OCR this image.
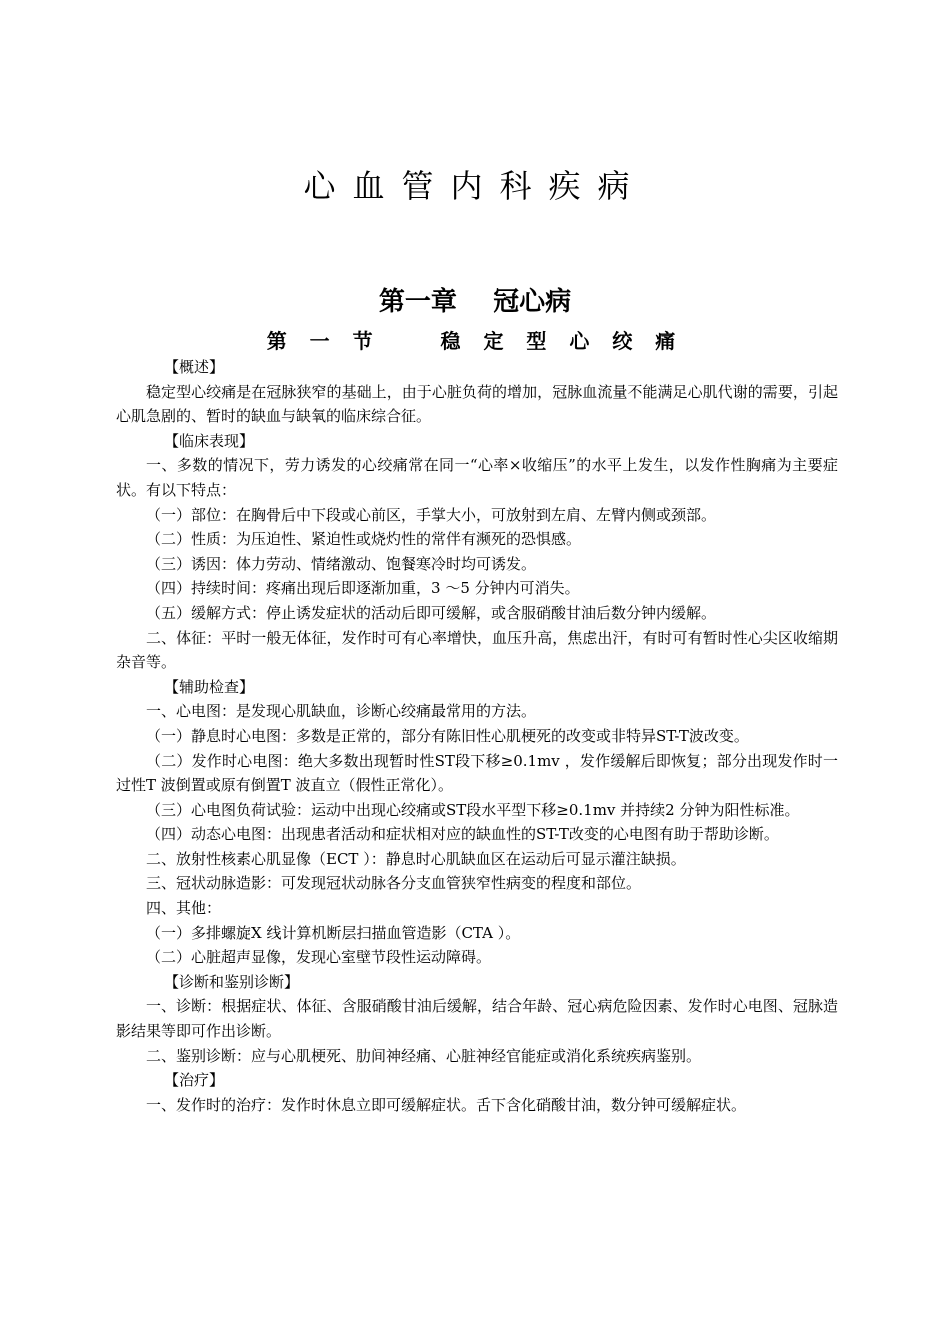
心血管内科疾病
第一章 冠心病
第 一 节	稳 定 型 心 绞 痛

【概述】

稳定型心绞痛是在冠脉狭窄的基础上，由于心脏负荷的增加，冠脉血流量不能满足心肌代谢的需要，引起心肌急剧的、暂时的缺血与缺氧的临床综合征。

【临床表现】

一、多数的情况下，劳力诱发的心绞痛常在同一“心率×收缩压”的水平上发生，以发作性胸痛为主要症状。有以下特点：

（一）部位：在胸骨后中下段或心前区，手掌大小，可放射到左肩、左臂内侧或颈部。

（二）性质：为压迫性、紧迫性或烧灼性的常伴有濒死的恐惧感。

（三）诱因：体力劳动、情绪激动、饱餐寒冷时均可诱发。

（四）持续时间：疼痛出现后即逐渐加重，3 ～5 分钟内可消失。

（五）缓解方式：停止诱发症状的活动后即可缓解，或含服硝酸甘油后数分钟内缓解。

二、体征：平时一般无体征，发作时可有心率增快，血压升高，焦虑出汗，有时可有暂时性心尖区收缩期杂音等。

【辅助检查】

一、心电图：是发现心肌缺血，诊断心绞痛最常用的方法。

（一）静息时心电图：多数是正常的，部分有陈旧性心肌梗死的改变或非特异ST-T波改变。

（二）发作时心电图：绝大多数出现暂时性ST段下移≥0.1mv ，发作缓解后即恢复；部分出现发作时一过性T 波倒置或原有倒置T 波直立（假性正常化）。

（三）心电图负荷试验：运动中出现心绞痛或ST段水平型下移≥0.1mv 并持续2 分钟为阳性标准。

（四）动态心电图：出现患者活动和症状相对应的缺血性的ST-T改变的心电图有助于帮助诊断。

二、放射性核素心肌显像（ECT ）：静息时心肌缺血区在运动后可显示灌注缺损。

三、冠状动脉造影：可发现冠状动脉各分支血管狭窄性病变的程度和部位。

四、其他：

（一）多排螺旋X 线计算机断层扫描血管造影（CTA ）。

（二）心脏超声显像，发现心室壁节段性运动障碍。

【诊断和鉴别诊断】

一、诊断：根据症状、体征、含服硝酸甘油后缓解，结合年龄、冠心病危险因素、发作时心电图、冠脉造影结果等即可作出诊断。

二、鉴别诊断：应与心肌梗死、肋间神经痛、心脏神经官能症或消化系统疾病鉴别。

【治疗】

一、发作时的治疗：发作时休息立即可缓解症状。舌下含化硝酸甘油，数分钟可缓解症状。
